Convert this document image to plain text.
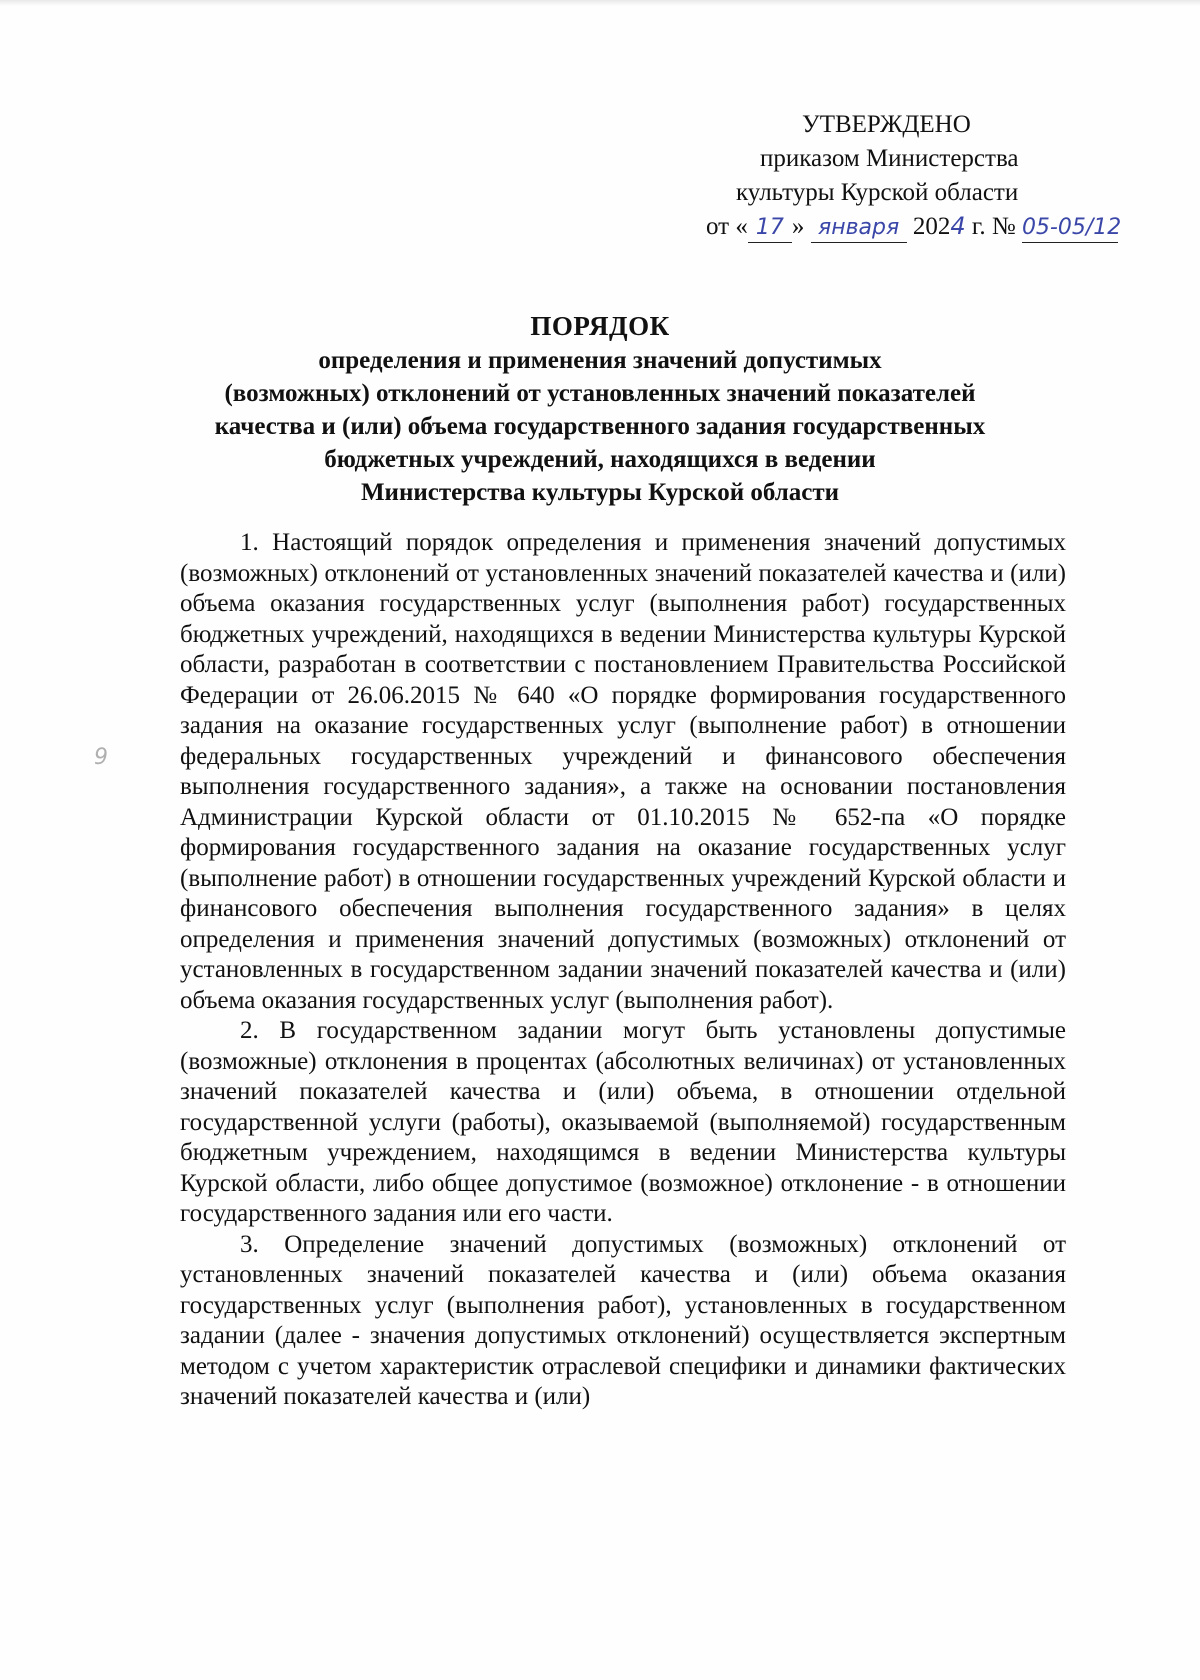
УТВЕРЖДЕНО
приказом Министерства
культуры Курской области
от « 17 » января 2024 г. № 05-05/12
ПОРЯДОК
определения и применения значений допустимых
(возможных) отклонений от установленных значений показателей
качества и (или) объема государственного задания государственных
бюджетных учреждений, находящихся в ведении
Министерства культуры Курской области

1. Настоящий порядок определения и применения значений допустимых (возможных) отклонений от установленных значений показателей качества и (или) объема оказания государственных услуг (выполнения работ) государственных бюджетных учреждений, находящихся в ведении Министерства культуры Курской области, разработан в соответствии с постановлением Правительства Российской Федерации от 26.06.2015 № 640 «О порядке формирования государственного задания на оказание государственных услуг (выполнение работ) в отношении федеральных государственных учреждений и финансового обеспечения выполнения государственного задания», а также на основании постановления Администрации Курской области от 01.10.2015 № 652-па «О порядке формирования государственного задания на оказание государственных услуг (выполнение работ) в отношении государственных учреждений Курской области и финансового обеспечения выполнения государственного задания» в целях определения и применения значений допустимых (возможных) отклонений от установленных в государственном задании значений показателей качества и (или) объема оказания государственных услуг (выполнения работ).

2. В государственном задании могут быть установлены допустимые (возможные) отклонения в процентах (абсолютных величинах) от установленных значений показателей качества и (или) объема, в отношении отдельной государственной услуги (работы), оказываемой (выполняемой) государственным бюджетным учреждением, находящимся в ведении Министерства культуры Курской области, либо общее допустимое (возможное) отклонение - в отношении государственного задания или его части.

3. Определение значений допустимых (возможных) отклонений от установленных значений показателей качества и (или) объема оказания государственных услуг (выполнения работ), установленных в государственном задании (далее - значения допустимых отклонений) осуществляется экспертным методом с учетом характеристик отраслевой специфики и динамики фактических значений показателей качества и (или)

9
